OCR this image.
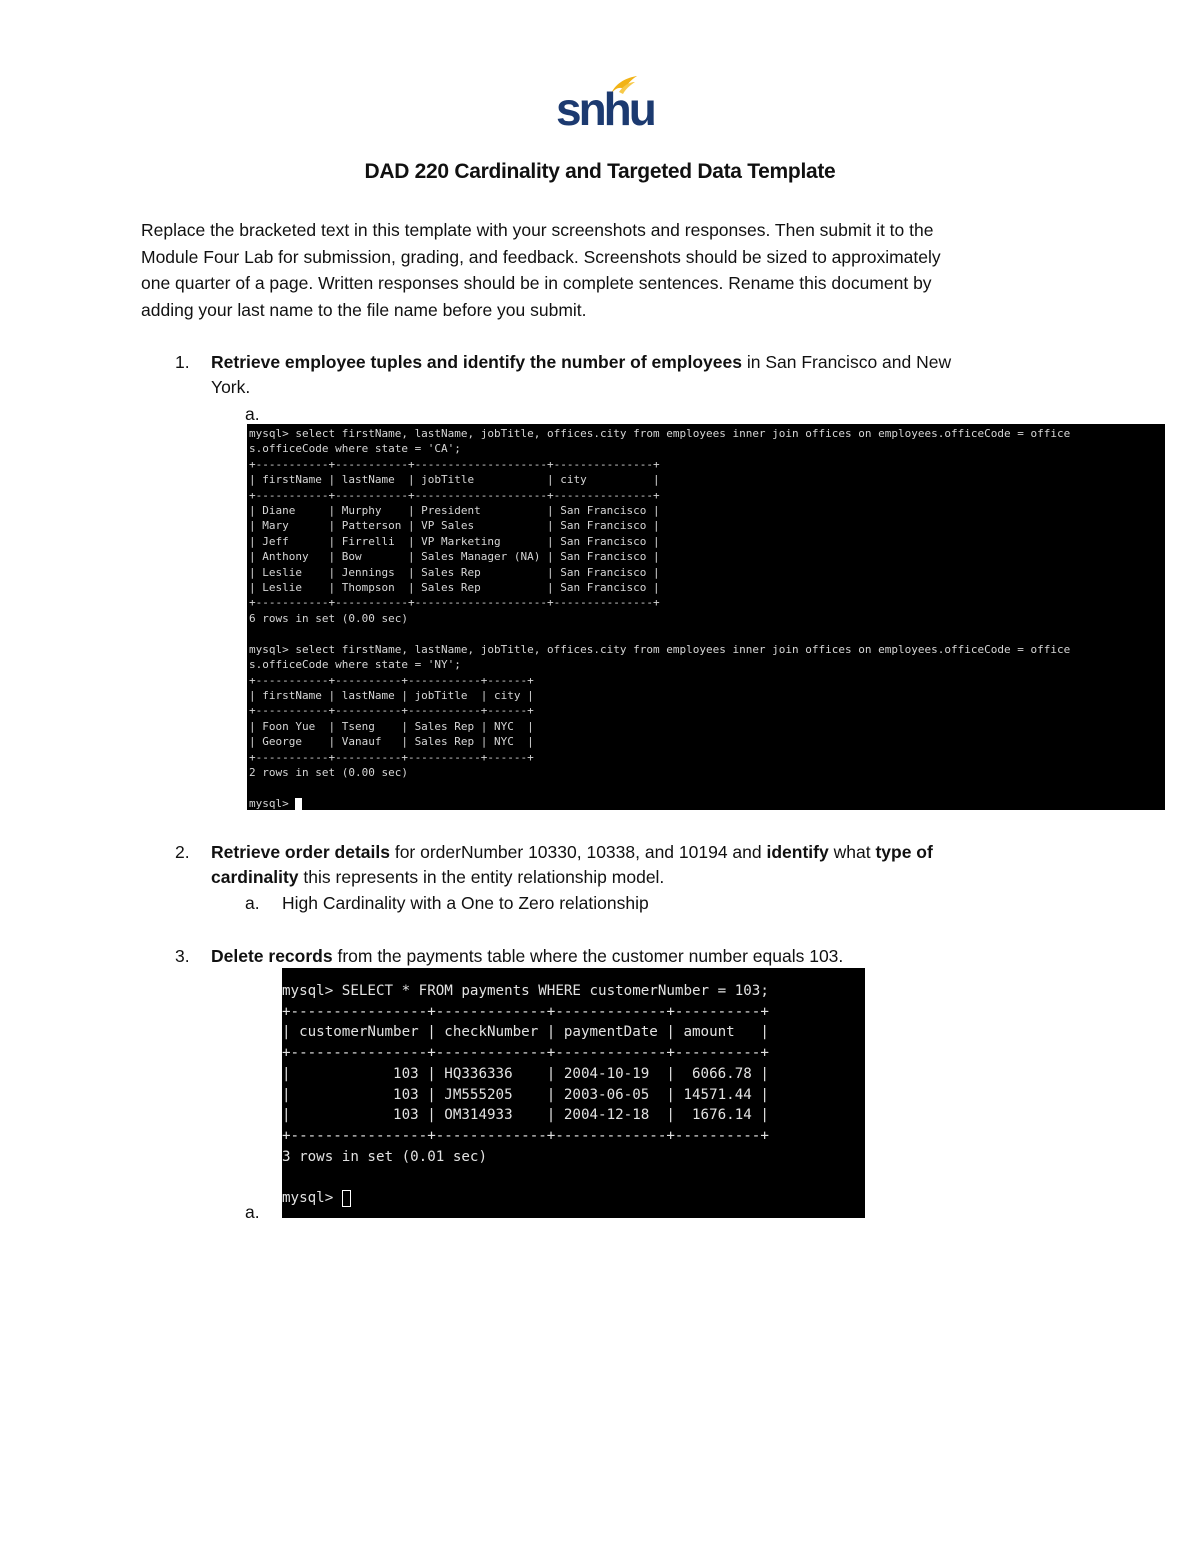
snhu
DAD 220 Cardinality and Targeted Data Template

Replace the bracketed text in this template with your screenshots and responses. Then submit it to the

Module Four Lab for submission, grading, and feedback. Screenshots should be sized to approximately

one quarter of a page. Written responses should be in complete sentences. Rename this document by

adding your last name to the file name before you submit.

1. Retrieve employee tuples and identify the number of employees in San Francisco and New
York.
a.
mysql> select firstName, lastName, jobTitle, offices.city from employees inner join offices on employees.officeCode = office
s.officeCode where state = 'CA';
+-----------+-----------+--------------------+---------------+
| firstName | lastName  | jobTitle           | city          |
+-----------+-----------+--------------------+---------------+
| Diane     | Murphy    | President          | San Francisco |
| Mary      | Patterson | VP Sales           | San Francisco |
| Jeff      | Firrelli  | VP Marketing       | San Francisco |
| Anthony   | Bow       | Sales Manager (NA) | San Francisco |
| Leslie    | Jennings  | Sales Rep          | San Francisco |
| Leslie    | Thompson  | Sales Rep          | San Francisco |
+-----------+-----------+--------------------+---------------+
6 rows in set (0.00 sec)

mysql> select firstName, lastName, jobTitle, offices.city from employees inner join offices on employees.officeCode = office
s.officeCode where state = 'NY';
+-----------+----------+-----------+------+
| firstName | lastName | jobTitle  | city |
+-----------+----------+-----------+------+
| Foon Yue  | Tseng    | Sales Rep | NYC  |
| George    | Vanauf   | Sales Rep | NYC  |
+-----------+----------+-----------+------+
2 rows in set (0.00 sec)

mysql>
2. Retrieve order details for orderNumber 10330, 10338, and 10194 and identify what type of
cardinality this represents in the entity relationship model.
a. High Cardinality with a One to Zero relationship
3. Delete records from the payments table where the customer number equals 103.
a.
mysql> SELECT * FROM payments WHERE customerNumber = 103;
+----------------+-------------+-------------+----------+
| customerNumber | checkNumber | paymentDate | amount   |
+----------------+-------------+-------------+----------+
|            103 | HQ336336    | 2004-10-19  |  6066.78 |
|            103 | JM555205    | 2003-06-05  | 14571.44 |
|            103 | OM314933    | 2004-12-18  |  1676.14 |
+----------------+-------------+-------------+----------+
3 rows in set (0.01 sec)

mysql>
